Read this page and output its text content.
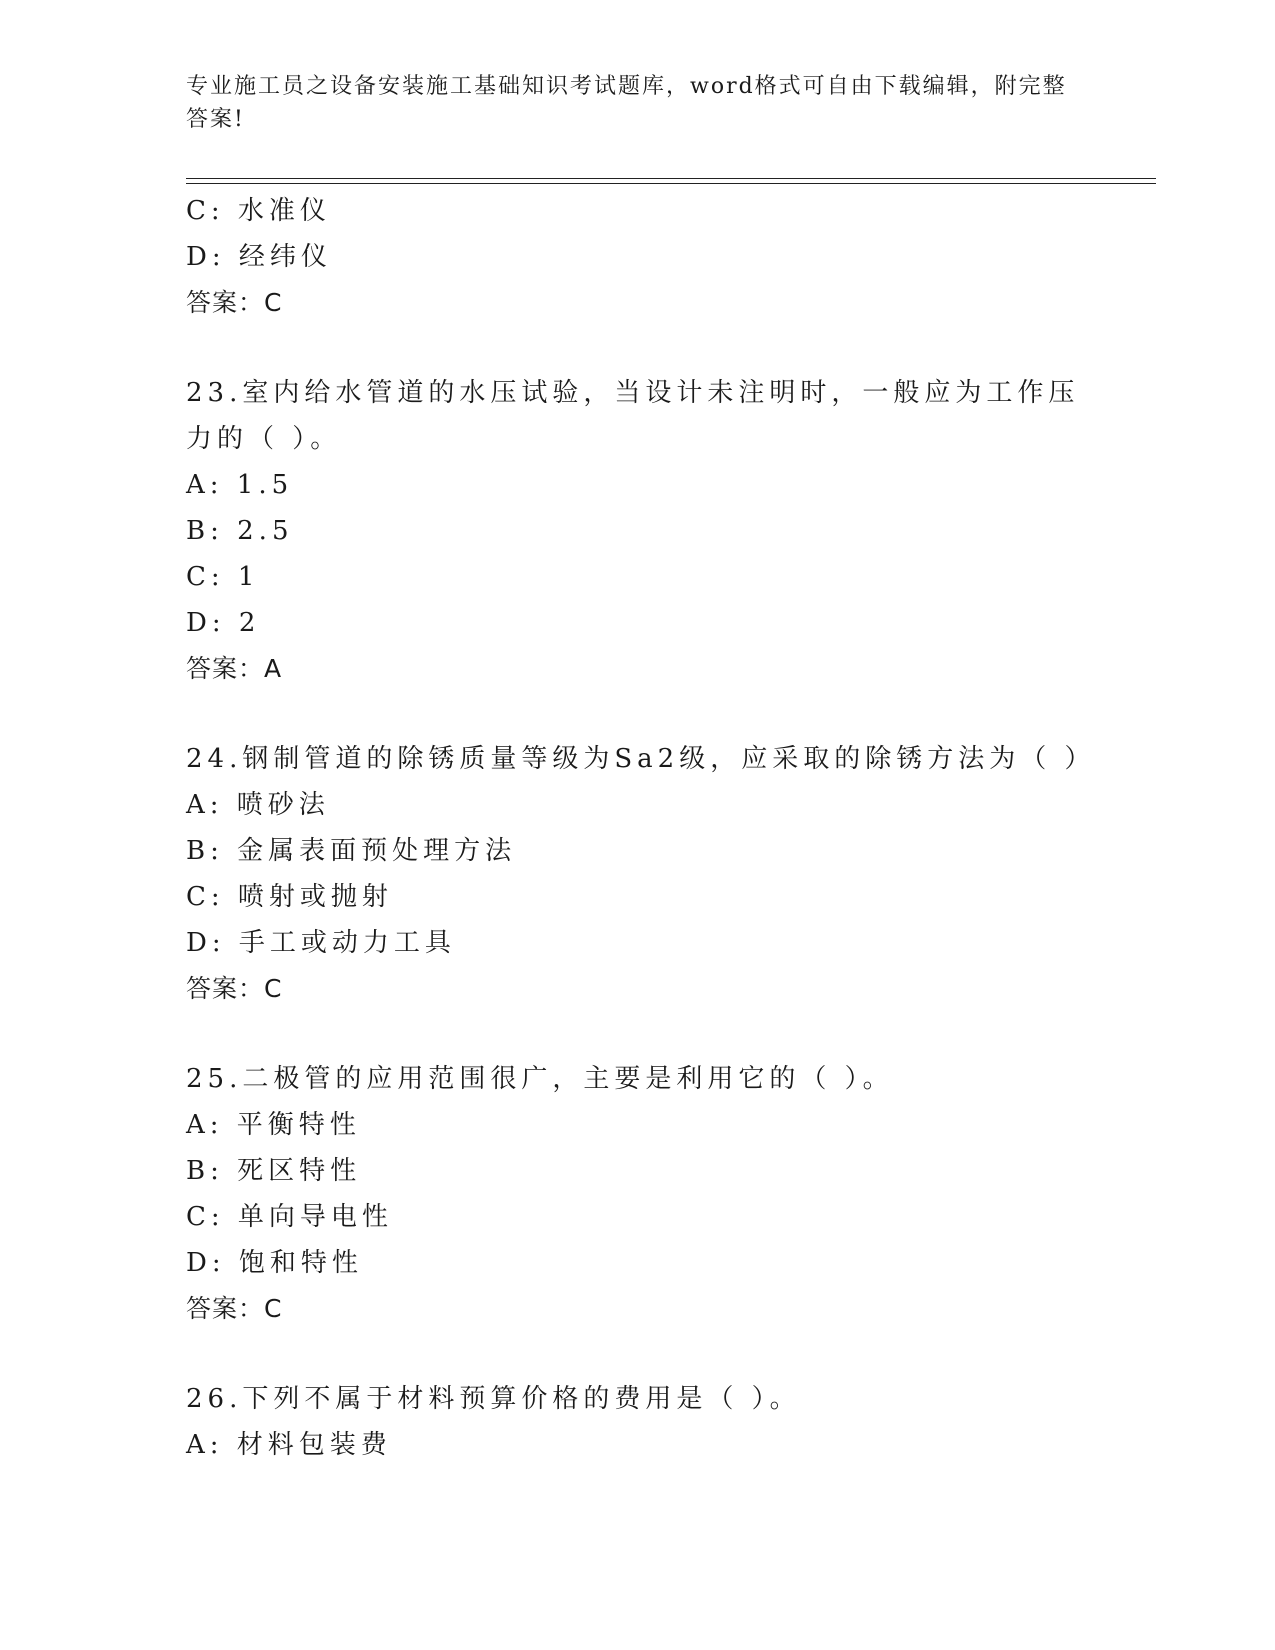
专业施工员之设备安装施工基础知识考试题库，word格式可自由下载编辑，附完整答案!
C: 水准仪
D: 经纬仪
答案：C
23.室内给水管道的水压试验，当设计未注明时，一般应为工作压力的（ ）。
A: 1.5
B: 2.5
C: 1
D: 2
答案：A
24.钢制管道的除锈质量等级为Sa2级，应采取的除锈方法为（ ）
A: 喷砂法
B: 金属表面预处理方法
C: 喷射或抛射
D: 手工或动力工具
答案：C
25.二极管的应用范围很广，主要是利用它的（ ）。
A: 平衡特性
B: 死区特性
C: 单向导电性
D: 饱和特性
答案：C
26.下列不属于材料预算价格的费用是（ ）。
A: 材料包装费
